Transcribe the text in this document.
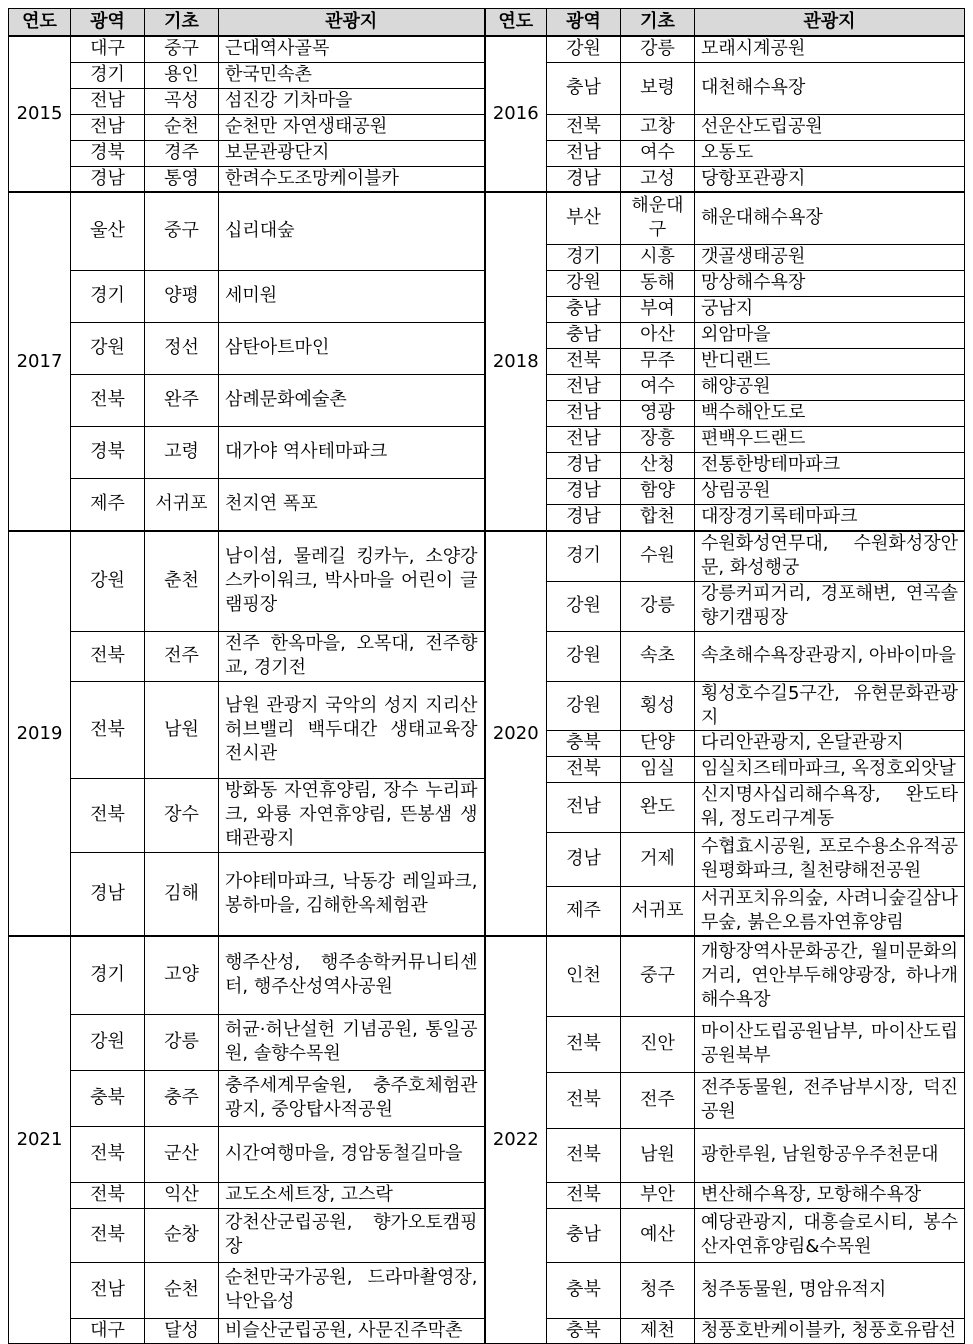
연도	광역	기초	관광지	연도	광역	기초	관광지
2015	대구	중구	근대역사골목	2016	강원	강릉	모래시계공원
	경기	용인	한국민속촌		충남	보령	대천해수욕장
	전남	곡성	섬진강 기차마을				
	전남	순천	순천만 자연생태공원		전북	고창	선운산도립공원
	경북	경주	보문관광단지		전남	여수	오동도
	경남	통영	한려수도조망케이블카		경남	고성	당항포관광지
2017	울산	중구	십리대숲	2018	부산	해운대구	해운대해수욕장

					경기	시흥	갯골생태공원
	경기	양평	세미원		강원	동해	망상해수욕장
					충남	부여	궁남지
	강원	정선	삼탄아트마인		충남	아산	외암마을
					전북	무주	반디랜드
	전북	완주	삼례문화예술촌		전남	여수	해양공원
					전남	영광	백수해안도로
	경북	고령	대가야 역사테마파크		전남	장흥	편백우드랜드
					경남	산청	전통한방테마파크
	제주	서귀포	천지연 폭포		경남	함양	상림공원
					경남	합천	대장경기록테마파크

2019	강원	춘천	남이섬, 물레길 킹카누, 소양강 스카이워크, 박사마을 어린이 글램핑장	2020	경기	수원	수원화성연무대, 수원화성장안문, 화성행궁

					강원	강릉	강릉커피거리, 경포해변, 연곡솔향기캠핑장
	전북	전주	전주 한옥마을, 오목대, 전주향교, 경기전		강원	속초	속초해수욕장관광지, 아바이마을
	전북	남원	남원 관광지 국악의 성지 지리산 허브밸리 백두대간 생태교육장 전시관		강원	횡성	횡성호수길5구간, 유현문화관광지
					충북	단양	다리안관광지, 온달관광지
					전북	임실	임실치즈테마파크, 옥정호외앗날
	전북	장수	방화동 자연휴양림, 장수 누리파크, 와룡 자연휴양림, 뜬봉샘 생태관광지				
					전남	완도	신지명사십리해수욕장, 완도타워, 정도리구계동
					경남	거제	수협효시공원, 포로수용소유적공원평화파크, 칠천량해전공원
	경남	김해	가야테마파크, 낙동강 레일파크, 봉하마을, 김해한옥체험관				

					제주	서귀포	서귀포치유의숲, 사려니숲길삼나무숲, 붉은오름자연휴양림

2021	경기	고양	행주산성, 행주송학커뮤니티센터, 행주산성역사공원	2022	인천	중구	개항장역사문화공간, 월미문화의거리, 연안부두해양광장, 하나개해수욕장

	강원	강릉	허균·허난설헌 기념공원, 통일공원, 솔향수목원				
					전북	진안	마이산도립공원남부, 마이산도립공원북부
	충북	충주	충주세계무술원, 충주호체험관광지, 중앙탑사적공원				
					전북	전주	전주동물원, 전주남부시장, 덕진공원
	전북	군산	시간여행마을, 경암동철길마을				
					전북	남원	광한루원, 남원항공우주천문대
	전북	익산	교도소세트장, 고스락		전북	부안	변산해수욕장, 모항해수욕장
	전북	순창	강천산군립공원, 향가오토캠핑장		충남	예산	예당관광지, 대흥슬로시티, 봉수산자연휴양림&수목원
	전남	순천	순천만국가공원, 드라마촬영장, 낙안읍성		충북	청주	청주동물원, 명암유적지
	대구	달성	비슬산군립공원, 사문진주막촌		충북	제천	청풍호반케이블카, 청풍호유람선
